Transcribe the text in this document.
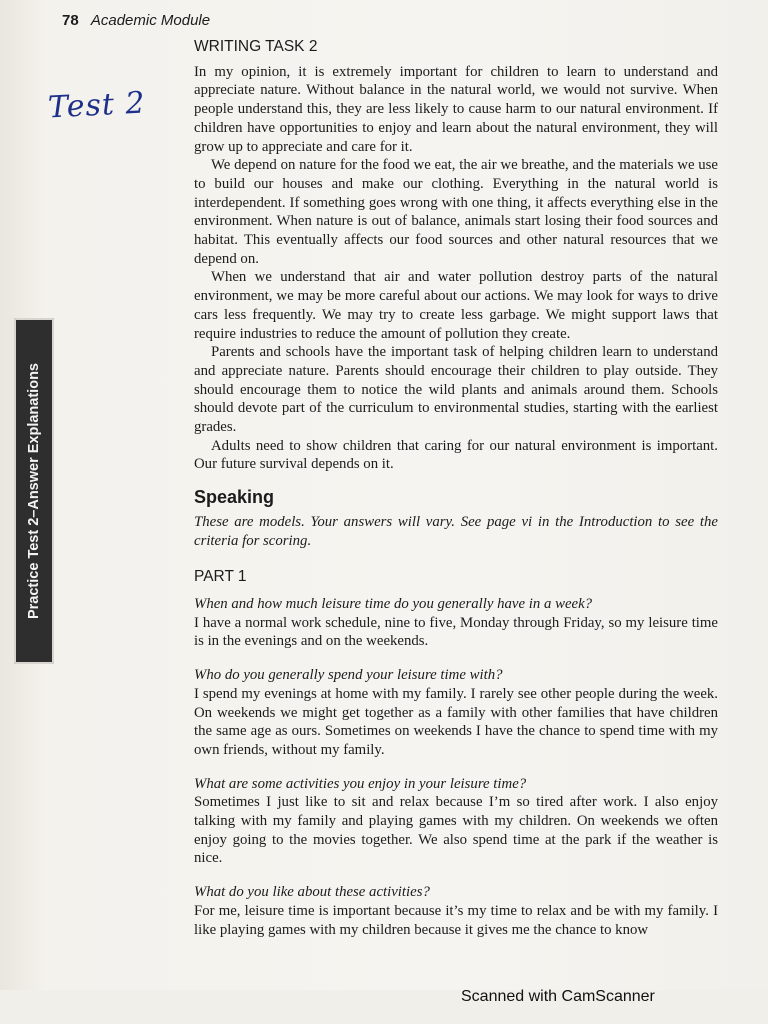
78 Academic Module
Test 2
Practice Test 2–Answer Explanations
WRITING TASK 2

In my opinion, it is extremely important for children to learn to understand and appreciate nature. Without balance in the natural world, we would not survive. When people understand this, they are less likely to cause harm to our natural environment. If children have opportunities to enjoy and learn about the natural environment, they will grow up to appreciate and care for it.

We depend on nature for the food we eat, the air we breathe, and the materials we use to build our houses and make our clothing. Everything in the natural world is interdependent. If something goes wrong with one thing, it affects everything else in the environment. When nature is out of balance, animals start losing their food sources and habitat. This eventually affects our food sources and other natural resources that we depend on.

When we understand that air and water pollution destroy parts of the natural environment, we may be more careful about our actions. We may look for ways to drive cars less frequently. We may try to create less garbage. We might support laws that require industries to reduce the amount of pollution they create.

Parents and schools have the important task of helping children learn to understand and appreciate nature. Parents should encourage their children to play outside. They should encourage them to notice the wild plants and animals around them. Schools should devote part of the curriculum to environmental studies, starting with the earliest grades.

Adults need to show children that caring for our natural environment is important. Our future survival depends on it.

Speaking

These are models. Your answers will vary. See page vi in the Introduction to see the criteria for scoring.

PART 1

When and how much leisure time do you generally have in a week?

I have a normal work schedule, nine to five, Monday through Friday, so my leisure time is in the evenings and on the weekends.

Who do you generally spend your leisure time with?

I spend my evenings at home with my family. I rarely see other people during the week. On weekends we might get together as a family with other families that have children the same age as ours. Sometimes on weekends I have the chance to spend time with my own friends, without my family.

What are some activities you enjoy in your leisure time?

Sometimes I just like to sit and relax because I’m so tired after work. I also enjoy talking with my family and playing games with my children. On weekends we often enjoy going to the movies together. We also spend time at the park if the weather is nice.

What do you like about these activities?

For me, leisure time is important because it’s my time to relax and be with my family. I like playing games with my children because it gives me the chance to know

Scanned with CamScanner
